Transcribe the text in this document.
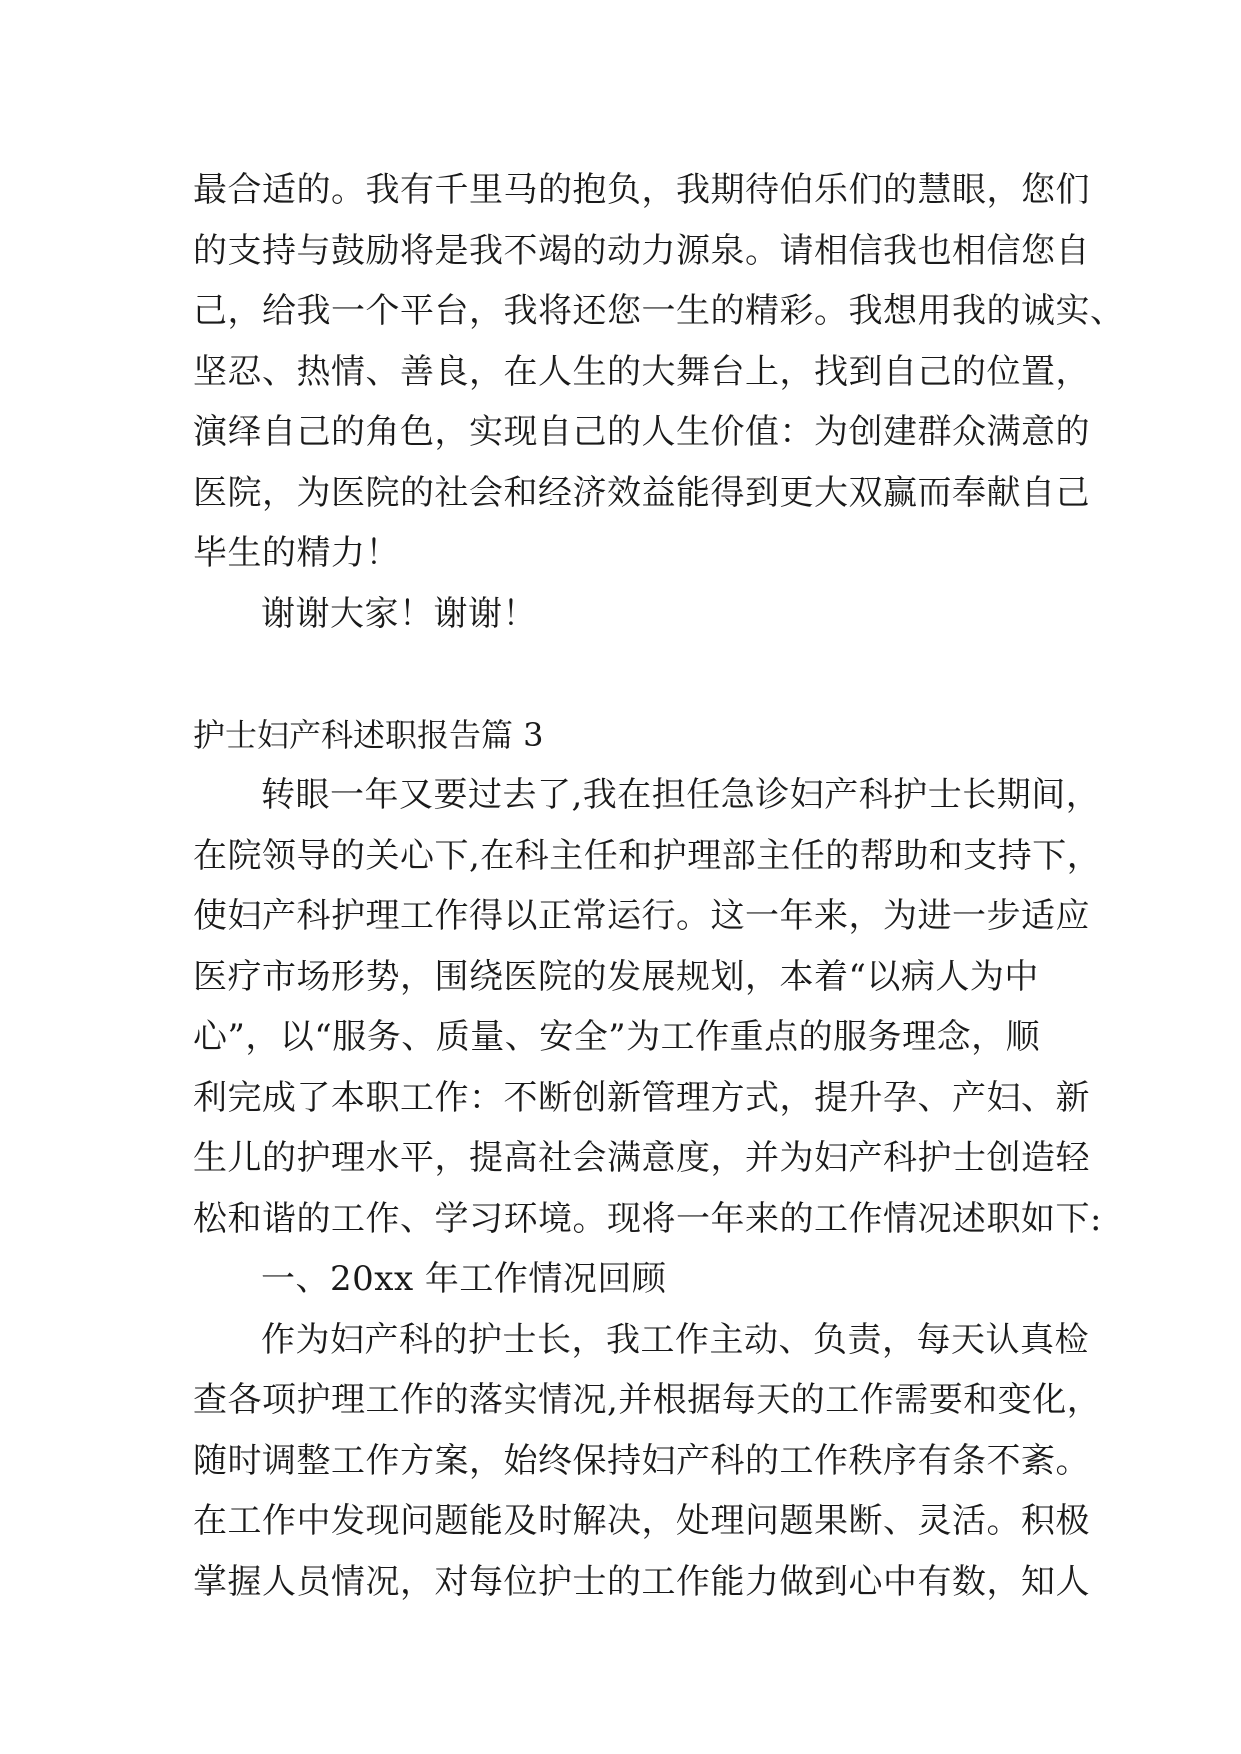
最合适的。我有千里马的抱负，我期待伯乐们的慧眼，您们
的支持与鼓励将是我不竭的动力源泉。请相信我也相信您自
己，给我一个平台，我将还您一生的精彩。我想用我的诚实、
坚忍、热情、善良，在人生的大舞台上，找到自己的位置，
演绎自己的角色，实现自己的人生价值：为创建群众满意的
医院，为医院的社会和经济效益能得到更大双赢而奉献自己
毕生的精力！
谢谢大家！谢谢！
护士妇产科述职报告篇 3
转眼一年又要过去了,我在担任急诊妇产科护士长期间，
在院领导的关心下,在科主任和护理部主任的帮助和支持下，
使妇产科护理工作得以正常运行。这一年来，为进一步适应
医疗市场形势，围绕医院的发展规划，本着“以病人为中
心”，以“服务、质量、安全”为工作重点的服务理念，顺
利完成了本职工作：不断创新管理方式，提升孕、产妇、新
生儿的护理水平，提高社会满意度，并为妇产科护士创造轻
松和谐的工作、学习环境。现将一年来的工作情况述职如下:
一、20xx 年工作情况回顾
作为妇产科的护士长，我工作主动、负责，每天认真检
查各项护理工作的落实情况,并根据每天的工作需要和变化，
随时调整工作方案，始终保持妇产科的工作秩序有条不紊。
在工作中发现问题能及时解决，处理问题果断、灵活。积极
掌握人员情况，对每位护士的工作能力做到心中有数，知人
